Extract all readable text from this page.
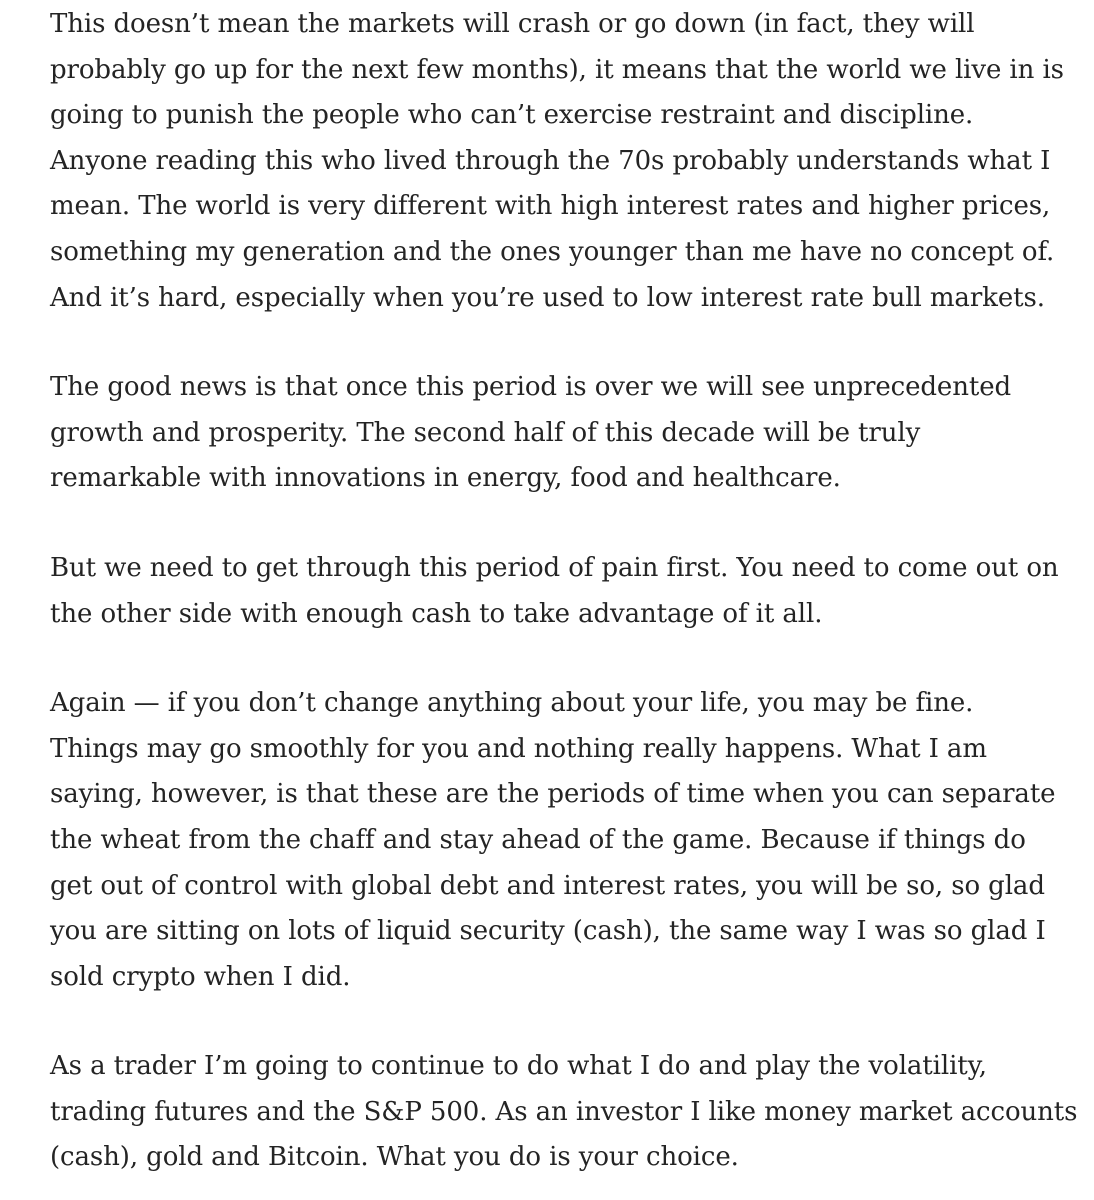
This doesn’t mean the markets will crash or go down (in fact, they will
probably go up for the next few months), it means that the world we live in is
going to punish the people who can’t exercise restraint and discipline.
Anyone reading this who lived through the 70s probably understands what I
mean. The world is very different with high interest rates and higher prices,
something my generation and the ones younger than me have no concept of.
And it’s hard, especially when you’re used to low interest rate bull markets.

The good news is that once this period is over we will see unprecedented
growth and prosperity. The second half of this decade will be truly
remarkable with innovations in energy, food and healthcare.

But we need to get through this period of pain first. You need to come out on
the other side with enough cash to take advantage of it all.

Again — if you don’t change anything about your life, you may be fine.
Things may go smoothly for you and nothing really happens. What I am
saying, however, is that these are the periods of time when you can separate
the wheat from the chaff and stay ahead of the game. Because if things do
get out of control with global debt and interest rates, you will be so, so glad
you are sitting on lots of liquid security (cash), the same way I was so glad I
sold crypto when I did.

As a trader I’m going to continue to do what I do and play the volatility,
trading futures and the S&P 500. As an investor I like money market accounts
(cash), gold and Bitcoin. What you do is your choice.
